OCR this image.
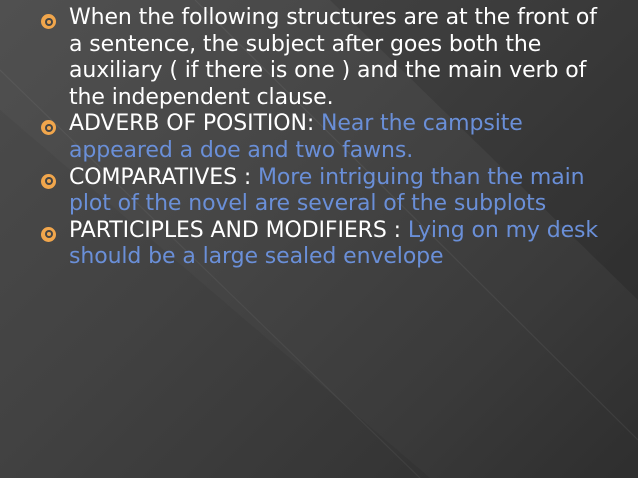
When the following structures are at the front of a sentence, the subject after goes both the auxiliary ( if there is one ) and the main verb of the independent clause.
ADVERB OF POSITION: Near the campsite appeared a doe and two fawns.
COMPARATIVES : More intriguing than the main plot of the novel are several of the subplots
PARTICIPLES AND MODIFIERS : Lying on my desk should be a large sealed envelope
